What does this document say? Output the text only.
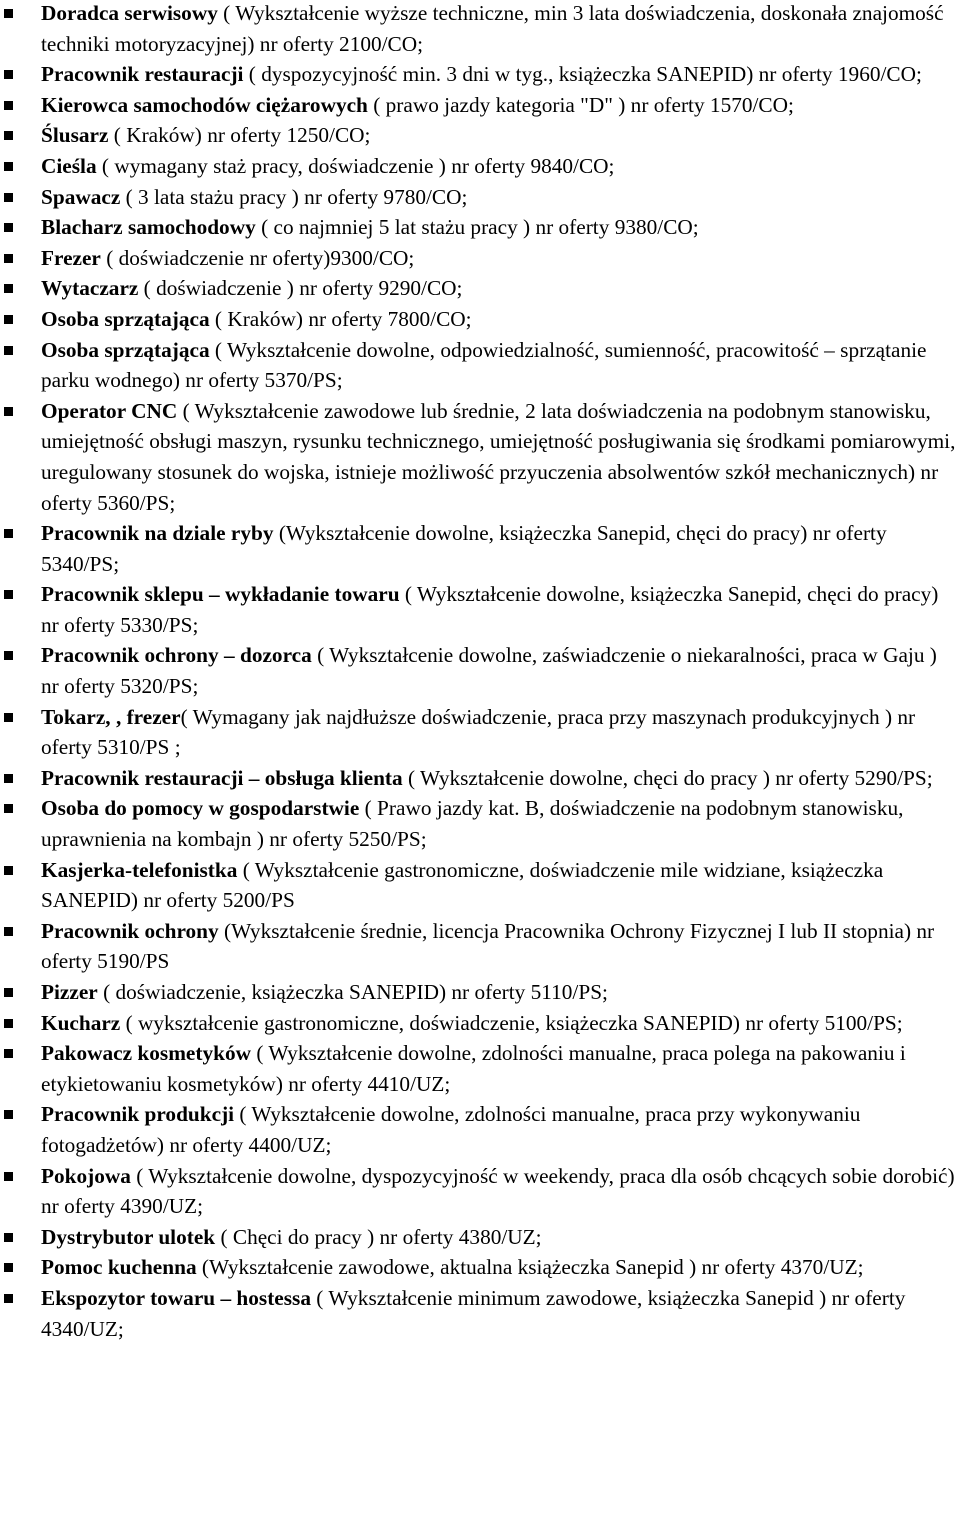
Doradca serwisowy ( Wykształcenie wyższe techniczne, min 3 lata doświadczenia, doskonała znajomość techniki motoryzacyjnej) nr oferty 2100/CO;
Pracownik restauracji ( dyspozycyjność min. 3 dni w tyg., książeczka SANEPID) nr oferty 1960/CO;
Kierowca samochodów ciężarowych ( prawo jazdy kategoria "D" ) nr oferty 1570/CO;
Ślusarz ( Kraków) nr oferty 1250/CO;
Cieśla ( wymagany staż pracy, doświadczenie ) nr oferty 9840/CO;
Spawacz ( 3 lata stażu pracy ) nr oferty 9780/CO;
Blacharz samochodowy ( co najmniej 5 lat stażu pracy ) nr oferty 9380/CO;
Frezer ( doświadczenie nr oferty)9300/CO;
Wytaczarz ( doświadczenie ) nr oferty 9290/CO;
Osoba sprzątająca ( Kraków) nr oferty 7800/CO;
Osoba sprzątająca ( Wykształcenie dowolne, odpowiedzialność, sumienność, pracowitość – sprzątanie parku wodnego) nr oferty 5370/PS;
Operator CNC ( Wykształcenie zawodowe lub średnie, 2 lata doświadczenia na podobnym stanowisku, umiejętność obsługi maszyn, rysunku technicznego, umiejętność posługiwania się środkami pomiarowymi, uregulowany stosunek do wojska, istnieje możliwość przyuczenia absolwentów szkół mechanicznych) nr oferty 5360/PS;
Pracownik na dziale ryby (Wykształcenie dowolne, książeczka Sanepid, chęci do pracy) nr oferty 5340/PS;
Pracownik sklepu – wykładanie towaru ( Wykształcenie dowolne, książeczka Sanepid, chęci do pracy) nr oferty 5330/PS;
Pracownik ochrony – dozorca ( Wykształcenie dowolne, zaświadczenie o niekaralności, praca w Gaju ) nr oferty 5320/PS;
Tokarz, , frezer( Wymagany jak najdłuższe doświadczenie, praca przy maszynach produkcyjnych ) nr oferty 5310/PS ;
Pracownik restauracji – obsługa klienta ( Wykształcenie dowolne, chęci do pracy ) nr oferty 5290/PS;
Osoba do pomocy w gospodarstwie ( Prawo jazdy kat. B, doświadczenie na podobnym stanowisku, uprawnienia na kombajn ) nr oferty 5250/PS;
Kasjerka-telefonistka ( Wykształcenie gastronomiczne, doświadczenie mile widziane, książeczka SANEPID) nr oferty 5200/PS
Pracownik ochrony (Wykształcenie średnie, licencja Pracownika Ochrony Fizycznej I lub II stopnia) nr oferty 5190/PS
Pizzer ( doświadczenie, książeczka SANEPID) nr oferty 5110/PS;
Kucharz ( wykształcenie gastronomiczne, doświadczenie, książeczka SANEPID) nr oferty 5100/PS;
Pakowacz kosmetyków ( Wykształcenie dowolne, zdolności manualne, praca polega na pakowaniu i etykietowaniu kosmetyków) nr oferty 4410/UZ;
Pracownik produkcji ( Wykształcenie dowolne, zdolności manualne, praca przy wykonywaniu fotogadżetów) nr oferty 4400/UZ;
Pokojowa ( Wykształcenie dowolne, dyspozycyjność w weekendy, praca dla osób chcących sobie dorobić) nr oferty 4390/UZ;
Dystrybutor ulotek ( Chęci do pracy ) nr oferty 4380/UZ;
Pomoc kuchenna (Wykształcenie zawodowe, aktualna książeczka Sanepid ) nr oferty 4370/UZ;
Ekspozytor towaru – hostessa ( Wykształcenie minimum zawodowe, książeczka Sanepid ) nr oferty 4340/UZ;
